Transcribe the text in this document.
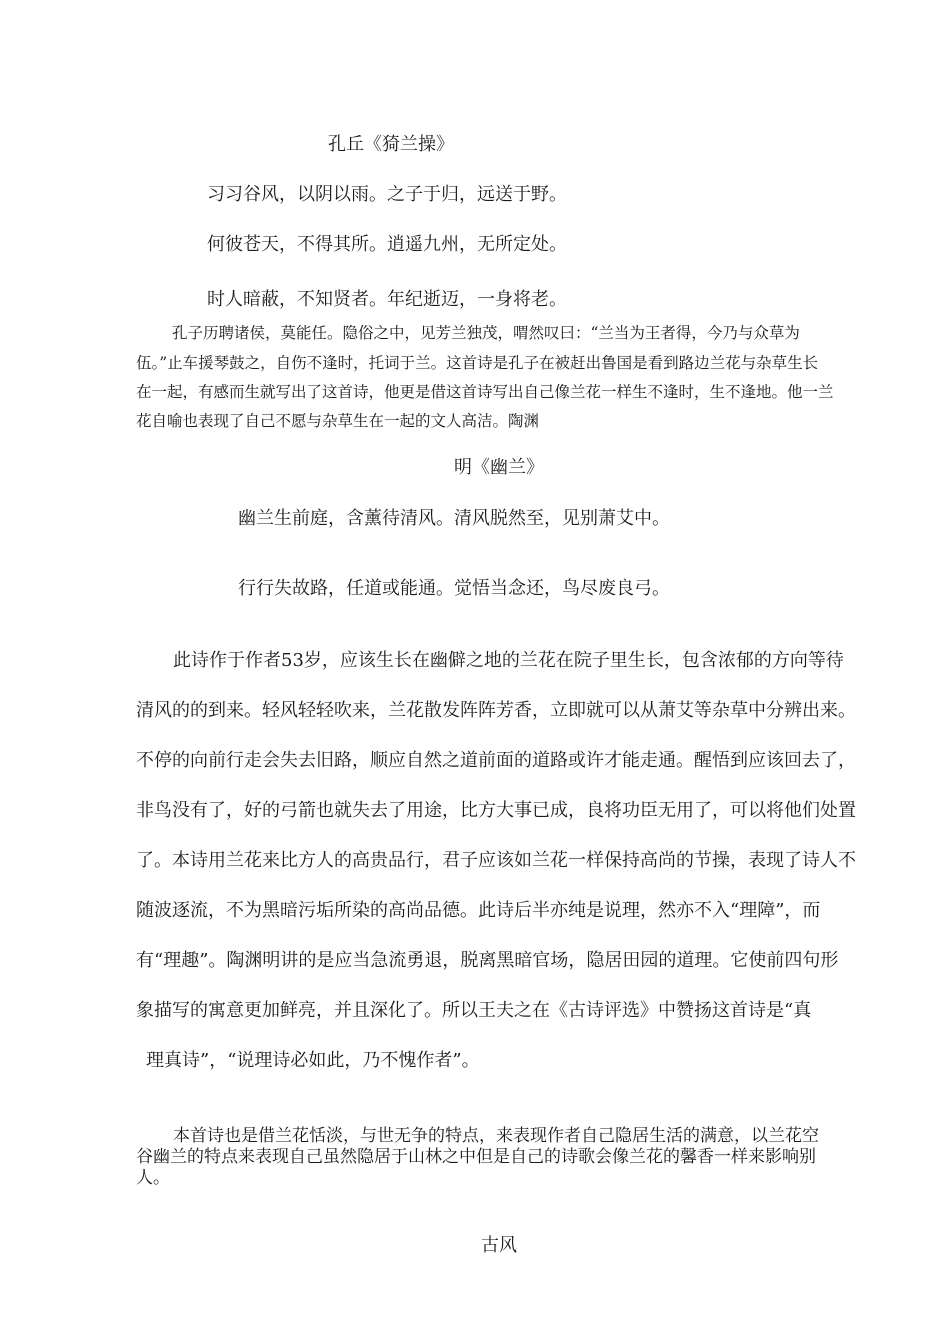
孔丘《猗兰操》
习习谷风，以阴以雨。之子于归，远送于野。
何彼苍天，不得其所。逍遥九州，无所定处。
时人暗蔽，不知贤者。年纪逝迈，一身将老。
孔子历聘诸侯，莫能任。隐俗之中，见芳兰独茂，喟然叹曰：“兰当为王者得，今乃与众草为
伍。”止车援琴鼓之，自伤不逢时，托词于兰。这首诗是孔子在被赶出鲁国是看到路边兰花与杂草生长
在一起，有感而生就写出了这首诗，他更是借这首诗写出自己像兰花一样生不逢时，生不逢地。他一兰
花自喻也表现了自己不愿与杂草生在一起的文人高洁。陶渊
明《幽兰》
幽兰生前庭，含薰待清风。清风脱然至，见别萧艾中。
行行失故路，任道或能通。觉悟当念还，鸟尽废良弓。
此诗作于作者53岁，应该生长在幽僻之地的兰花在院子里生长，包含浓郁的方向等待
清风的的到来。轻风轻轻吹来，兰花散发阵阵芳香，立即就可以从萧艾等杂草中分辨出来。
不停的向前行走会失去旧路，顺应自然之道前面的道路或许才能走通。醒悟到应该回去了，
非鸟没有了，好的弓箭也就失去了用途，比方大事已成，良将功臣无用了，可以将他们处置
了。本诗用兰花来比方人的高贵品行，君子应该如兰花一样保持高尚的节操，表现了诗人不
随波逐流，不为黑暗污垢所染的高尚品德。此诗后半亦纯是说理，然亦不入“理障”，而
有“理趣”。陶渊明讲的是应当急流勇退，脱离黑暗官场，隐居田园的道理。它使前四句形
象描写的寓意更加鲜亮，并且深化了。所以王夫之在《古诗评选》中赞扬这首诗是“真
理真诗”，“说理诗必如此，乃不愧作者”。
本首诗也是借兰花恬淡，与世无争的特点，来表现作者自己隐居生活的满意，以兰花空
谷幽兰的特点来表现自己虽然隐居于山林之中但是自己的诗歌会像兰花的馨香一样来影响别
人。
古风
